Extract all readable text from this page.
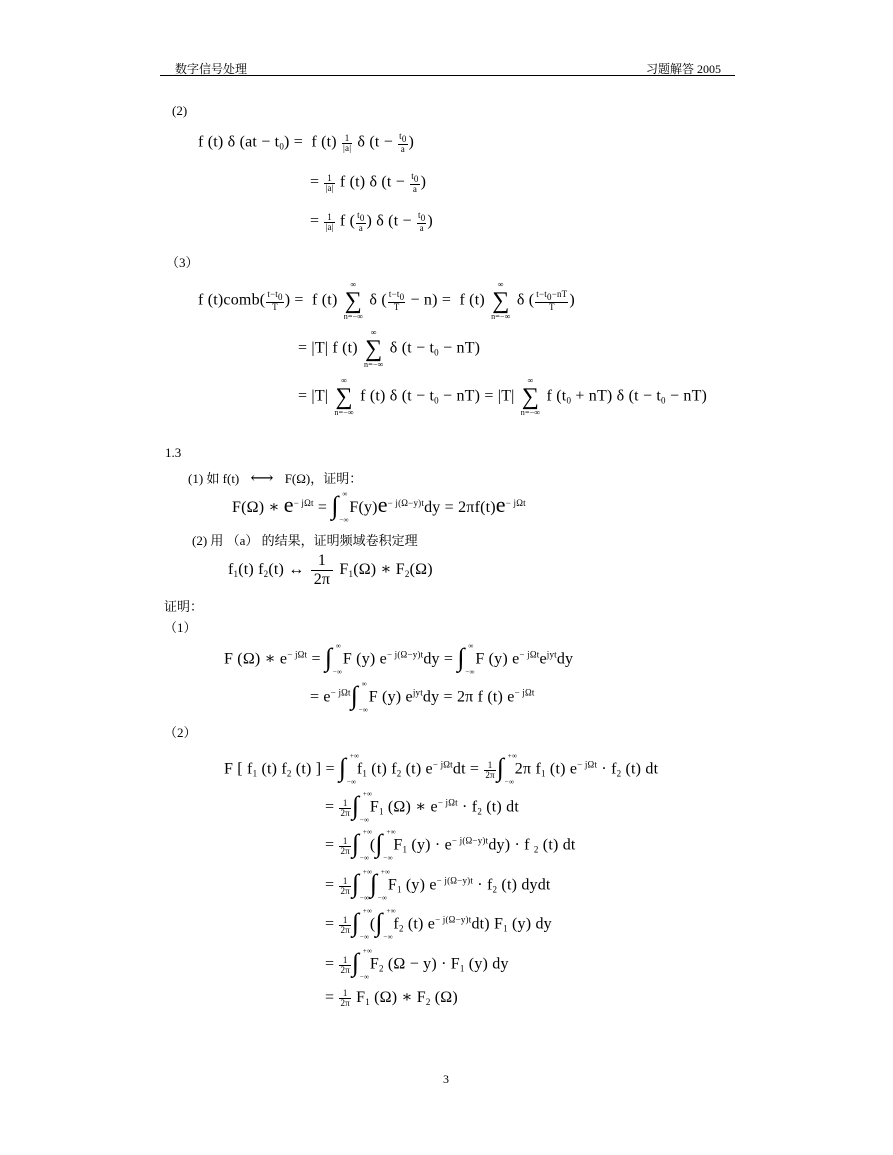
数字信号处理	习题解答 2005
(2)
f (t) δ $(at - t_0) = f$ $(t) \frac{1}{|a|}$ δ ($t - \frac{t_0}{a}$ )
= $\frac{1}{|a|}$ f (t) δ ($t - \frac{t_0}{a}$ )
= $\frac{1}{|a|}$ f ( $\frac{t_0}{a}$ ) δ ($t - \frac{t_0}{a}$ )
（3）
f (t)comb( $\frac{t-t_0}{T}$ ) =  f (t)
∞
∑
n=−∞
δ ( $\frac{t-t_0}{T} - n) = f$ (t)
∞
∑
n=−∞
δ ( $\frac{t-t_0-nT}{T}$ )
= |T| f (t)
∞
∑
n=−∞
δ $(t - t_0 - nT)$
= |T|
∞
∑
n=−∞
f (t) δ $(t - t_0 - nT) = |T|$
∞
∑
n=−∞
f $(t_0 + nT)$ δ $(t - t_0 - nT)$
1.3
(1) 如 f(t) ⟷ F(Ω)，证明：
F(Ω) ∗ $e^{- j\Omega t}$ = ∫ ∞
−∞
$F(y)e^{- j(\Omega-y)t}dy = 2\pi f(t)e^{- j\Omega t}$
(2) 用 （a） 的结果，证明频域卷积定理
$f_1(t)$ $f_2(t)$ ↔ $\frac{1}{2\pi} F_1(\Omega)$ ∗ $F_2(\Omega)$
证明：
（1）
F (Ω) ∗ $e^{- j\Omega t}$ = ∫ ∞
−∞
F (y) $e^{- j(\Omega-y)t}dy$ = ∫ ∞
−∞
F (y) $e^{- j\Omega t}e^{jyt}dy$
= $e^{- j\Omega t}$ ∫ ∞
−∞
F (y) $e^{jyt}dy = 2\pi$ f (t) $e^{- j\Omega t}$
（2）
F [ $f_1$ (t) $f_2$ (t) ] = ∫ +∞
−∞
$f_1$ (t) $f_2$ (t) $e^{- j\Omega t}dt = \frac{1}{2\pi}$ ∫ +∞
−∞
2π $f_1$ (t) $e^{- j\Omega t} \cdot f_2$ (t) dt
= $\frac{1}{2\pi}$ ∫ +∞
−∞
$F_1$ (Ω) ∗ $e^{- j\Omega t} \cdot f_2$ (t) dt
= $\frac{1}{2\pi}$ ∫ +∞
−∞
( ∫ +∞
−∞
$F_1$ $(y) \cdot e^{- j(\Omega-y)t}dy) \cdot f$ $_2$ (t) dt
= $\frac{1}{2\pi}$ ∫ +∞
−∞ ∫ +∞
−∞
$F_1$ (y) $e^{- j(\Omega-y)t} \cdot f_2$ (t) dydt
= $\frac{1}{2\pi}$ ∫ +∞
−∞
( ∫ +∞
−∞
$f_2$ (t) $e^{- j(\Omega-y)t}dt$) $F_1$ (y) dy
= $\frac{1}{2\pi}$ ∫ +∞
−∞
$F_2$ $(\Omega - y) \cdot F_1$ (y) dy
= $\frac{1}{2\pi} F_1$ (Ω) ∗ $F_2$ (Ω)
3
